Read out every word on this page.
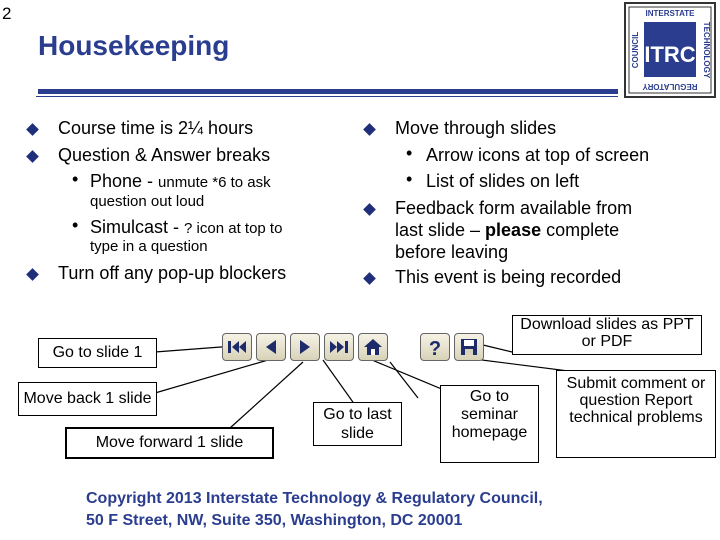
2
Housekeeping
INTERSTATE
REGULATORY
COUNCIL	TECHNOLOGY
ITRC
Course time is 2¼ hours
Question & Answer breaks
• Phone - unmute *6 to ask
question out loud
• Simulcast - ? icon at top to
type in a question
Turn off any pop-up blockers
Move through slides
• Arrow icons at top of screen
• List of slides on left
Feedback form available from
last slide – please complete
before leaving
This event is being recorded
?
Download slides as PPT or PDF
Go to slide 1
Move back 1 slide
Move forward 1 slide
Go to last slide
Go to seminar homepage
Submit comment or question Report technical problems
Copyright 2013 Interstate Technology & Regulatory Council,
50 F Street, NW, Suite 350, Washington, DC 20001
